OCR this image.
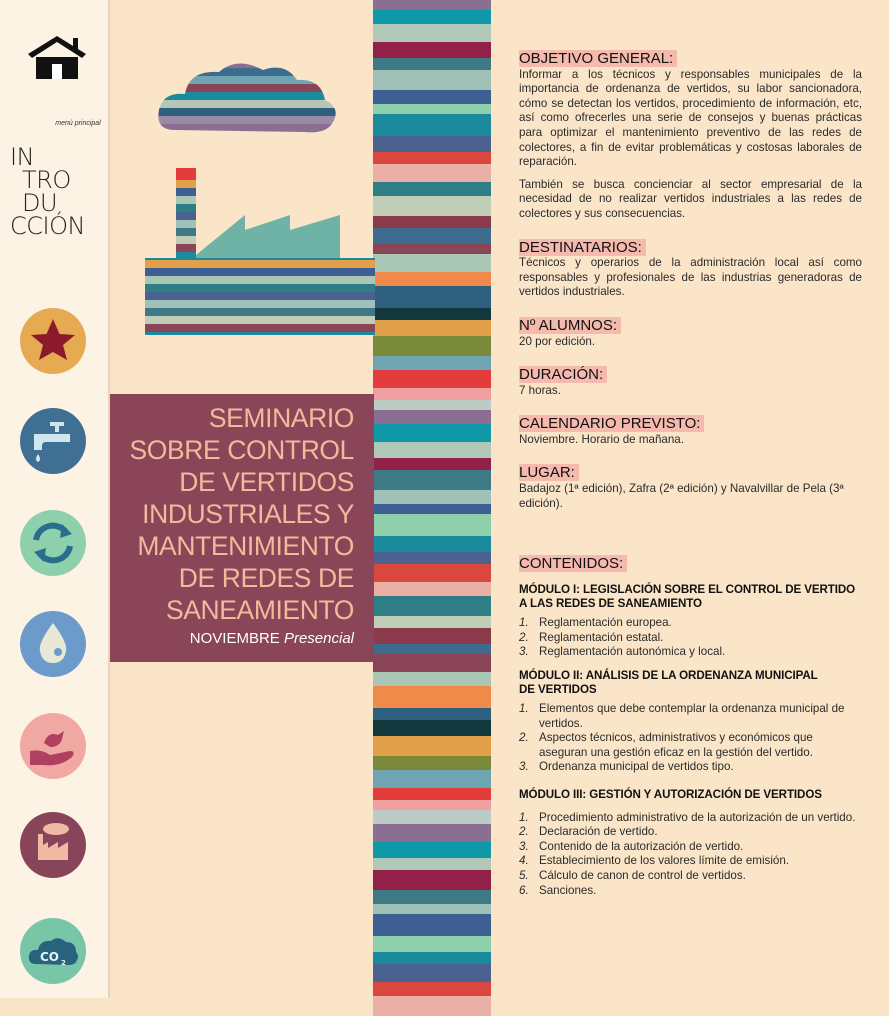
menú principal
IN
TRO
DU
CCIÓN
CO 2
SEMINARIO
SOBRE CONTROL
DE VERTIDOS
INDUSTRIALES Y
MANTENIMIENTO
DE REDES DE
SANEAMIENTO
NOVIEMBRE Presencial
OBJETIVO GENERAL:

Informar a los técnicos y responsables municipales de la importancia de ordenanza de vertidos, su labor sancionadora, cómo se detectan los vertidos, procedimiento de información, etc, así como ofrecerles una serie de consejos y buenas prácticas para optimizar el mantenimiento preventivo de las redes de colectores, a fin de evitar problemáticas y costosas laborales de reparación.

También se busca concienciar al sector empresarial de la necesidad de no realizar vertidos industriales a las redes de colectores y sus consecuencias.

DESTINATARIOS:

Técnicos y operarios de la administración local así como responsables y profesionales de las industrias generadoras de vertidos industriales.

Nº ALUMNOS:

20 por edición.

DURACIÓN:

7 horas.

CALENDARIO PREVISTO:

Noviembre. Horario de mañana.

LUGAR:

Badajoz (1ª edición), Zafra (2ª edición) y Navalvillar de Pela (3ª edición).

CONTENIDOS:

MÓDULO I: LEGISLACIÓN SOBRE EL CONTROL DE VERTIDO A LAS REDES DE SANEAMIENTO

1. Reglamentación europea.
2. Reglamentación estatal.
3. Reglamentación autonómica y local.

MÓDULO II: ANÁLISIS DE LA ORDENANZA MUNICIPAL DE VERTIDOS

1. Elementos que debe contemplar la ordenanza municipal de vertidos.
2. Aspectos técnicos, administrativos y económicos que aseguran una gestión eficaz en la gestión del vertido.
3. Ordenanza municipal de vertidos tipo.

MÓDULO III: GESTIÓN Y AUTORIZACIÓN DE VERTIDOS

1. Procedimiento administrativo de la autorización de un vertido.
2. Declaración de vertido.
3. Contenido de la autorización de vertido.
4. Establecimiento de los valores límite de emisión.
5. Cálculo de canon de control de vertidos.
6. Sanciones.
